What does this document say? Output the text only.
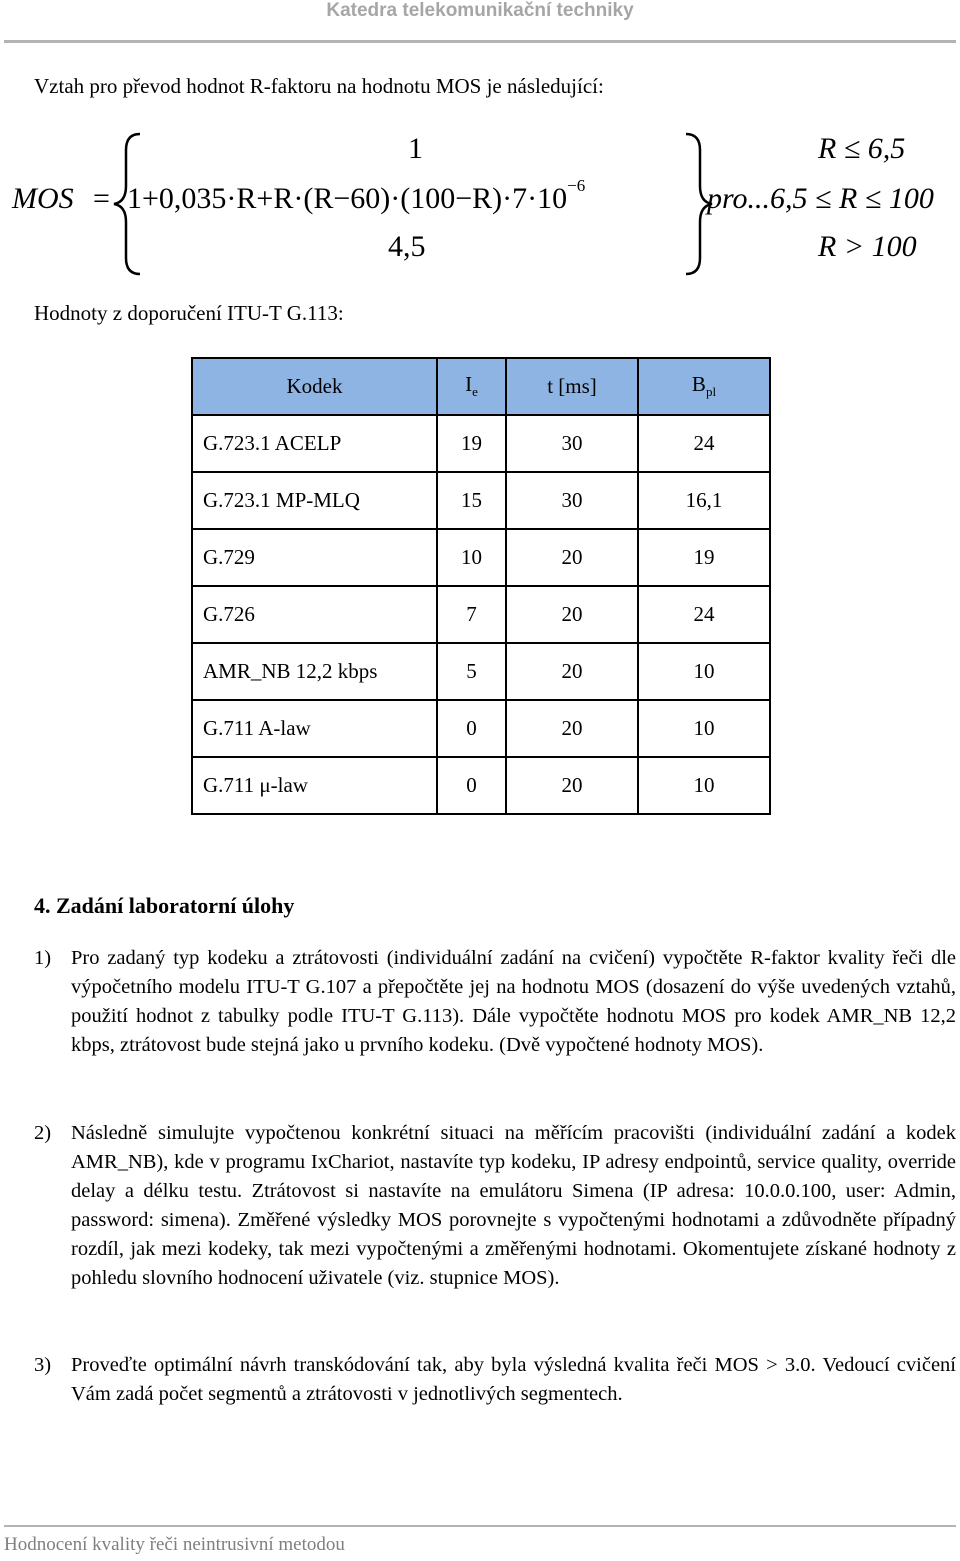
Katedra telekomunikační techniky
Vztah pro převod hodnot R-faktoru na hodnotu MOS je následující:
MOS =
1
$1+0,035\cdot R+R\cdot(R-60)\cdot(100-R)\cdot 7\cdot 10^{-6}$
4,5
R ≤ 6,5
pro...6,5 ≤ R ≤ 100
R > 100
Hodnoty z doporučení ITU-T G.113:
Kodek	$I_e$	t [ms]	$B_{pl}$
G.723.1 ACELP	19	30	24
G.723.1 MP-MLQ	15	30	16,1
G.729	10	20	19
G.726	7	20	24
AMR_NB 12,2 kbps	5	20	10
G.711 A-law	0	20	10
G.711 μ-law	0	20	10
4. Zadání laboratorní úlohy
1) Pro zadaný typ kodeku a ztrátovosti (individuální zadání na cvičení) vypočtěte R-faktor kvality řeči dle výpočetního modelu ITU-T G.107 a přepočtěte jej na hodnotu MOS (dosazení do výše uvedených vztahů, použití hodnot z tabulky podle ITU-T G.113). Dále vypočtěte hodnotu MOS pro kodek AMR_NB 12,2 kbps, ztrátovost bude stejná jako u prvního kodeku. (Dvě vypočtené hodnoty MOS).
2) Následně simulujte vypočtenou konkrétní situaci na měřícím pracovišti (individuální zadání a kodek AMR_NB), kde v programu IxChariot, nastavíte typ kodeku, IP adresy endpointů, service quality, override delay a délku testu. Ztrátovost si nastavíte na emulátoru Simena (IP adresa: 10.0.0.100, user: Admin, password: simena). Změřené výsledky MOS porovnejte s vypočtenými hodnotami a zdůvodněte případný rozdíl, jak mezi kodeky, tak mezi vypočtenými a změřenými hodnotami. Okomentujete získané hodnoty z pohledu slovního hodnocení uživatele (viz. stupnice MOS).
3) Proveďte optimální návrh transkódování tak, aby byla výsledná kvalita řeči MOS > 3.0. Vedoucí cvičení Vám zadá počet segmentů a ztrátovosti v jednotlivých segmentech.
Hodnocení kvality řeči neintrusivní metodou
